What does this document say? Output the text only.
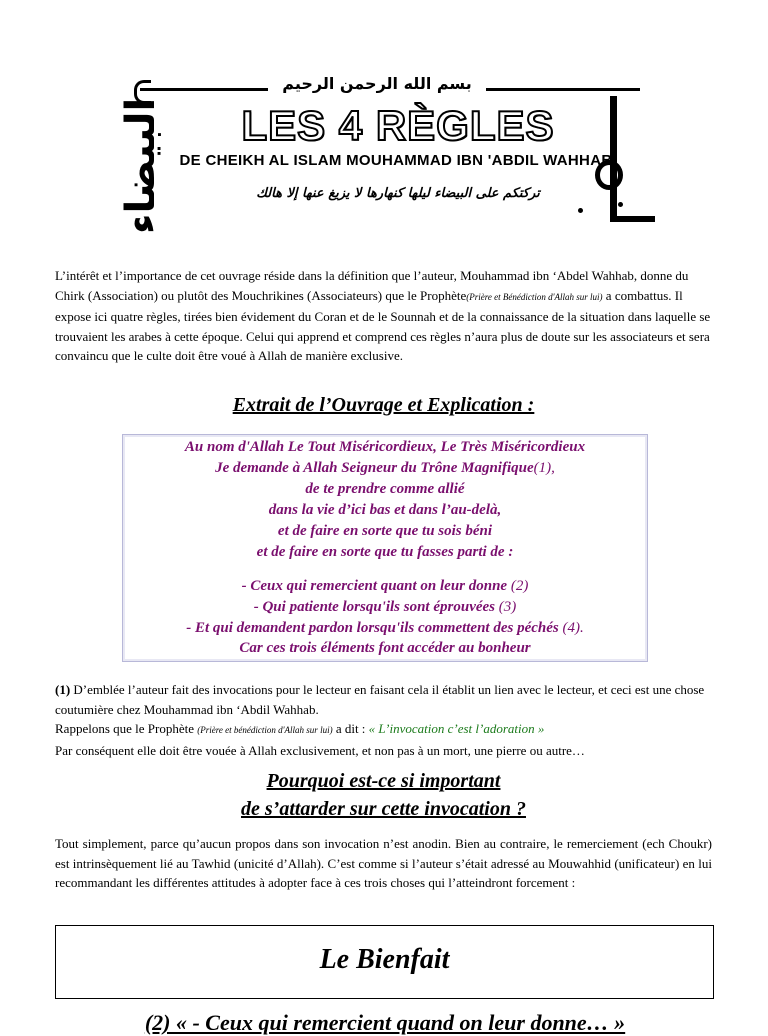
بسم الله الرحمن الرحيم
البيضاء	LES 4 RÈGLES
DE CHEIKH AL ISLAM MOUHAMMAD IBN 'ABDIL WAHHAB
تركتكم على البيضاء ليلها كنهارها لا يزيغ عنها إلا هالك
L’intérêt et l’importance de cet ouvrage réside dans la définition que l’auteur, Mouhammad ibn ‘Abdel Wahhab, donne du Chirk (Association) ou plutôt des Mouchrikines (Associateurs) que le Prophète(Prière et Bénédiction d'Allah sur lui) a combattus. Il expose ici quatre règles, tirées bien évidement du Coran et de le Sounnah et de la connaissance de la situation dans laquelle se trouvaient les arabes à cette époque. Celui qui apprend et comprend ces règles n’aura plus de doute sur les associateurs et sera convaincu que le culte doit être voué à Allah de manière exclusive.
Extrait de l’Ouvrage et Explication :
Au nom d'Allah Le Tout Miséricordieux, Le Très Miséricordieux
Je demande à Allah Seigneur du Trône Magnifique(1),
de te prendre comme allié
dans la vie d’ici bas et dans l’au-delà,
et de faire en sorte que tu sois béni
et de faire en sorte que tu fasses parti de :
- Ceux qui remercient quant on leur donne (2)
- Qui patiente lorsqu'ils sont éprouvées (3)
- Et qui demandent pardon lorsqu'ils commettent des péchés (4).
Car ces trois éléments font accéder au bonheur
(1) D’emblée l’auteur fait des invocations pour le lecteur en faisant cela il établit un lien avec le lecteur, et ceci est une chose coutumière chez Mouhammad ibn ‘Abdil Wahhab.
Rappelons que le Prophète (Prière et bénédiction d'Allah sur lui) a dit : « L’invocation c’est l’adoration »
Par conséquent elle doit être vouée à Allah exclusivement, et non pas à un mort, une pierre ou autre…
Pourquoi est-ce si important
de s’attarder sur cette invocation ?
Tout simplement, parce qu’aucun propos dans son invocation n’est anodin. Bien au contraire, le remerciement (ech Choukr) est intrinsèquement lié au Tawhid (unicité d’Allah). C’est comme si l’auteur s’était adressé au Mouwahhid (unificateur) en lui recommandant les différentes attitudes à adopter face à ces trois choses qui l’atteindront forcement :
Le Bienfait
(2) « - Ceux qui remercient quand on leur donne… »
